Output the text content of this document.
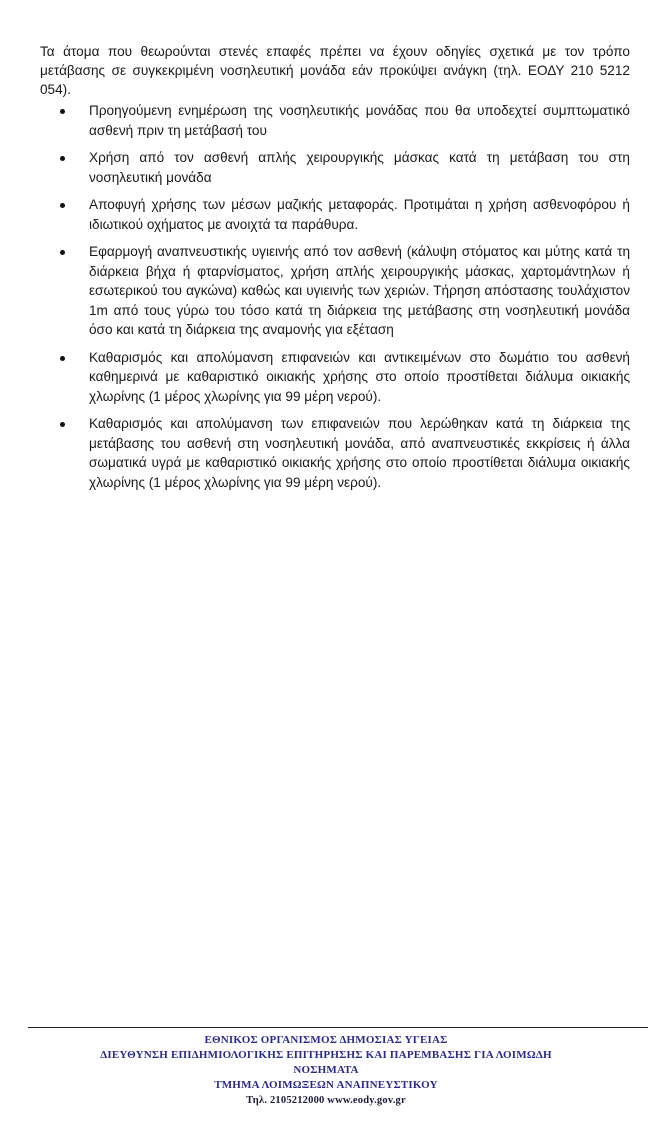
Τα άτομα που θεωρούνται στενές επαφές πρέπει να έχουν οδηγίες σχετικά με τον τρόπο μετάβασης σε συγκεκριμένη νοσηλευτική μονάδα εάν προκύψει ανάγκη (τηλ. ΕΟΔΥ 210 5212 054).

Προηγούμενη ενημέρωση της νοσηλευτικής μονάδας που θα υποδεχτεί συμπτωματικό ασθενή πριν τη μετάβασή του
Χρήση από τον ασθενή απλής χειρουργικής μάσκας κατά τη μετάβαση του στη νοσηλευτική μονάδα
Αποφυγή χρήσης των μέσων μαζικής μεταφοράς. Προτιμάται η χρήση ασθενοφόρου ή ιδιωτικού οχήματος με ανοιχτά τα παράθυρα.
Εφαρμογή αναπνευστικής υγιεινής από τον ασθενή (κάλυψη στόματος και μύτης κατά τη διάρκεια βήχα ή φταρνίσματος, χρήση απλής χειρουργικής μάσκας, χαρτομάντηλων ή εσωτερικού του αγκώνα) καθώς και υγιεινής των χεριών. Τήρηση απόστασης τουλάχιστον 1m από τους γύρω του τόσο κατά τη διάρκεια της μετάβασης στη νοσηλευτική μονάδα όσο και κατά τη διάρκεια της αναμονής για εξέταση
Καθαρισμός και απολύμανση επιφανειών και αντικειμένων στο δωμάτιο του ασθενή καθημερινά με καθαριστικό οικιακής χρήσης στο οποίο προστίθεται διάλυμα οικιακής χλωρίνης (1 μέρος χλωρίνης για 99 μέρη νερού).
Καθαρισμός και απολύμανση των επιφανειών που λερώθηκαν κατά τη διάρκεια της μετάβασης του ασθενή στη νοσηλευτική μονάδα, από αναπνευστικές εκκρίσεις ή άλλα σωματικά υγρά με καθαριστικό οικιακής χρήσης στο οποίο προστίθεται διάλυμα οικιακής χλωρίνης (1 μέρος χλωρίνης για 99 μέρη νερού).
ΕΘΝΙΚΟΣ ΟΡΓΑΝΙΣΜΟΣ ΔΗΜΟΣΙΑΣ ΥΓΕΙΑΣ
ΔΙΕΥΘΥΝΣΗ ΕΠΙΔΗΜΙΟΛΟΓΙΚΗΣ ΕΠΙΤΗΡΗΣΗΣ ΚΑΙ ΠΑΡΕΜΒΑΣΗΣ ΓΙΑ ΛΟΙΜΩΔΗ
ΝΟΣΗΜΑΤΑ
ΤΜΗΜΑ ΛΟΙΜΩΞΕΩΝ ΑΝΑΠΝΕΥΣΤΙΚΟΥ
Τηλ. 2105212000 www.eody.gov.gr
